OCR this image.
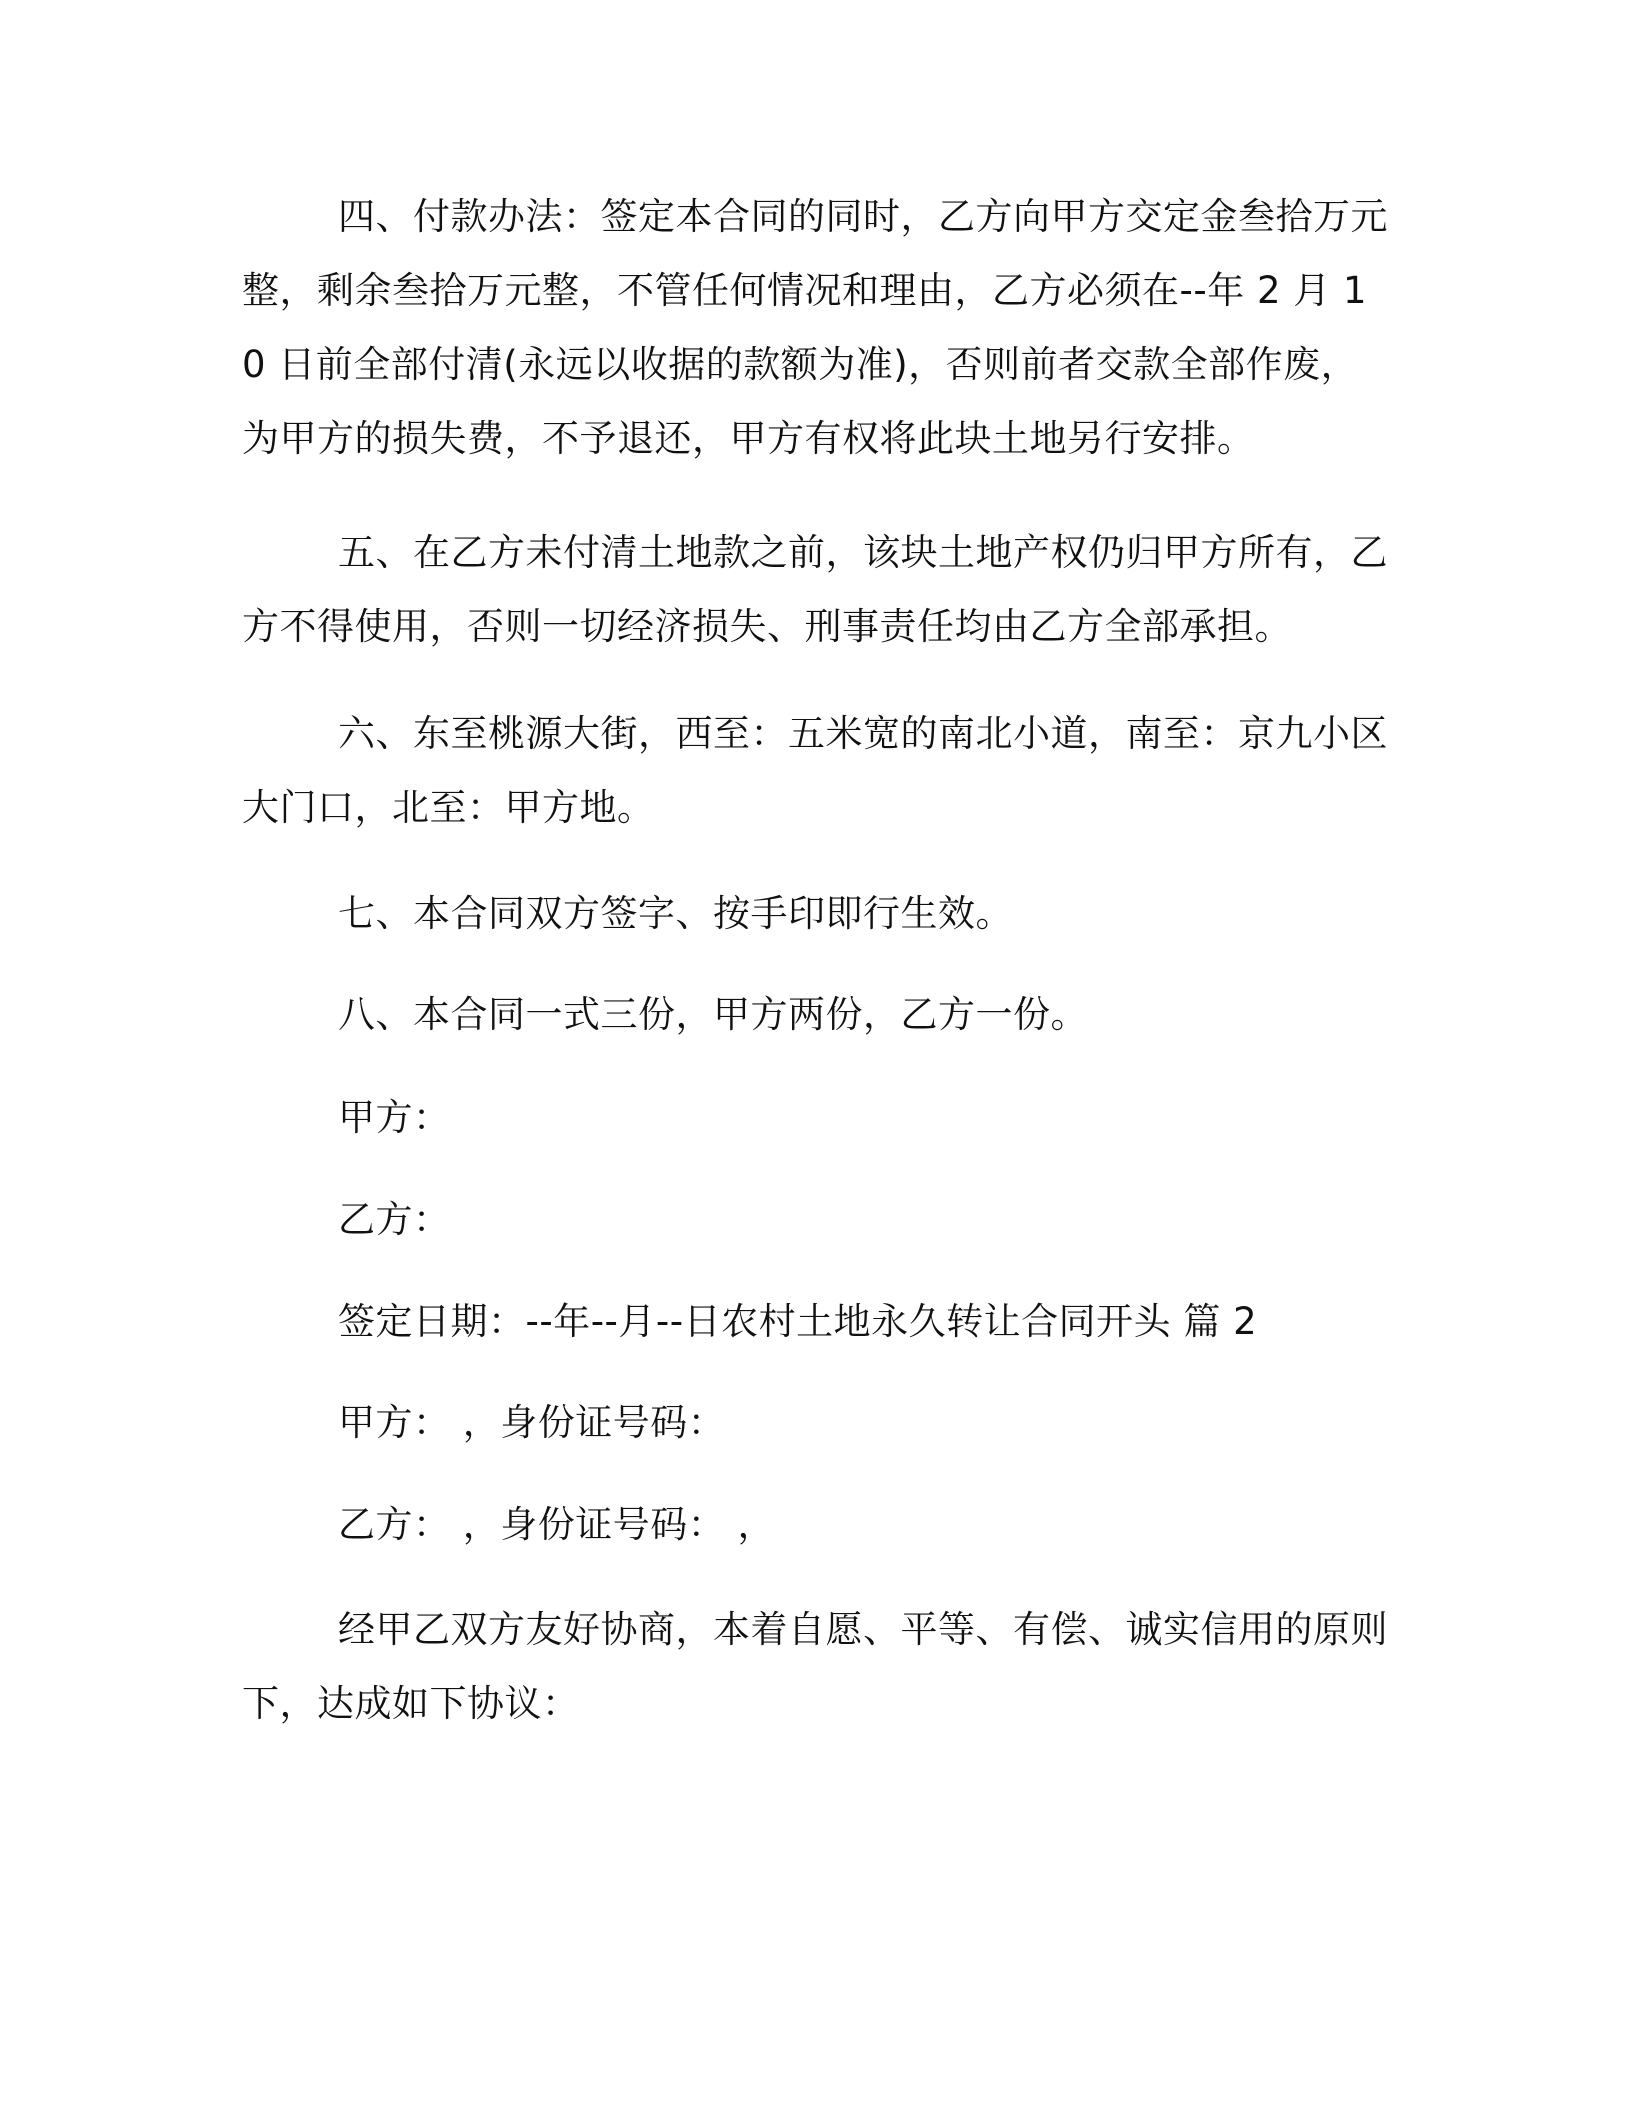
四、付款办法：签定本合同的同时，乙方向甲方交定金叁拾万元整，剩余叁拾万元整，不管任何情况和理由，乙方必须在--年 2 月 10 日前全部付清(永远以收据的款额为准)，否则前者交款全部作废，为甲方的损失费，不予退还，甲方有权将此块土地另行安排。

五、在乙方未付清土地款之前，该块土地产权仍归甲方所有，乙方不得使用，否则一切经济损失、刑事责任均由乙方全部承担。

六、东至桃源大街，西至：五米宽的南北小道，南至：京九小区大门口，北至：甲方地。

七、本合同双方签字、按手印即行生效。

八、本合同一式三份，甲方两份，乙方一份。

甲方：

乙方：

签定日期：--年--月--日农村土地永久转让合同开头 篇 2

甲方： ，身份证号码：

乙方： ，身份证号码： ，

经甲乙双方友好协商，本着自愿、平等、有偿、诚实信用的原则下，达成如下协议：
